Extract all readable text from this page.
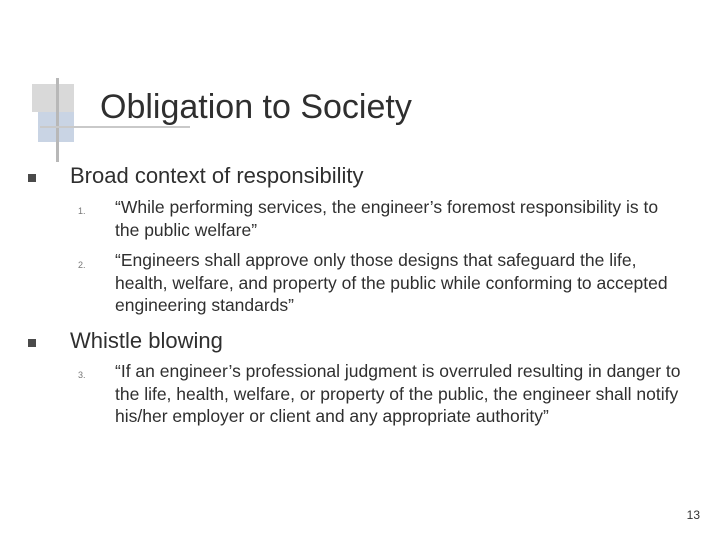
Obligation to Society
Broad context of responsibility
1. “While performing services, the engineer’s foremost responsibility is to the public welfare”
2. “Engineers shall approve only those designs that safeguard the life, health, welfare, and property of the public while conforming to accepted engineering standards”
Whistle blowing
3. “If an engineer’s professional judgment is overruled resulting in danger to the life, health, welfare, or property of the public, the engineer shall notify his/her employer or client and any appropriate authority”
13
